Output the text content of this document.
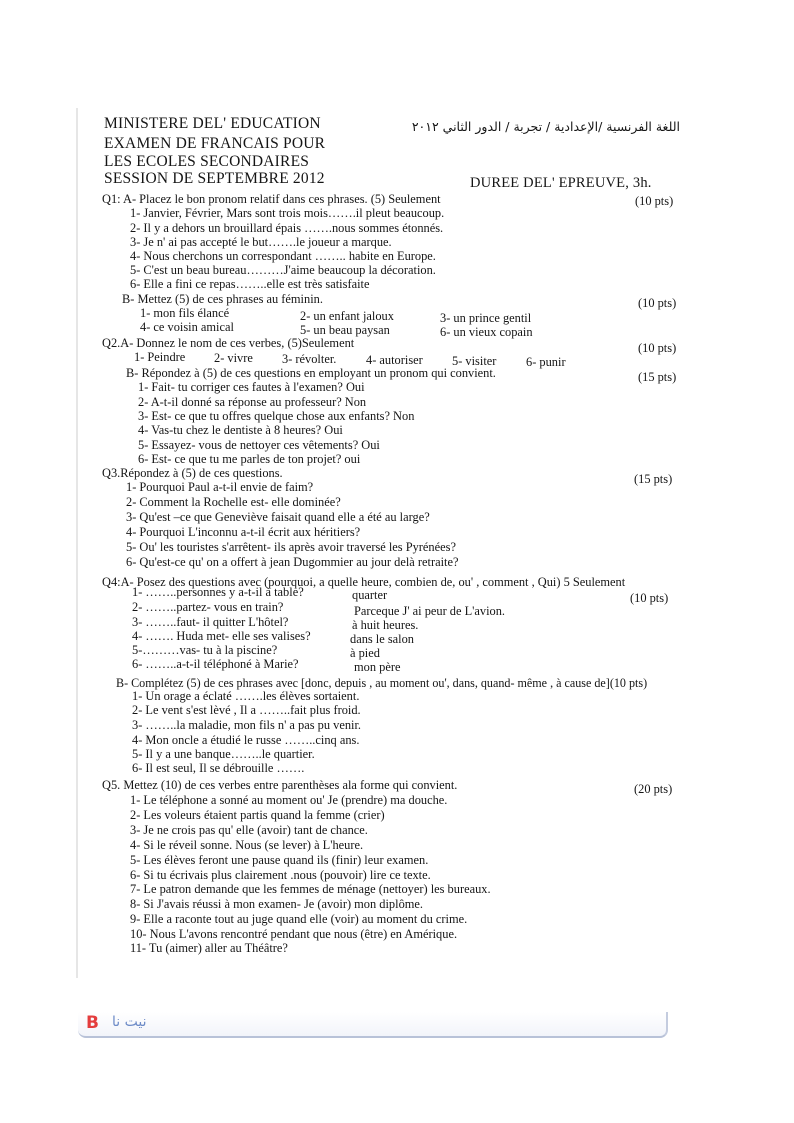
MINISTERE DEL' EDUCATION
EXAMEN DE FRANCAIS POUR
LES ECOLES SECONDAIRES
SESSION DE SEPTEMBRE 2012
اللغة الفرنسية /الإعدادية / تجربة / الدور الثاني ٢٠١٢
DUREE DEL' EPREUVE, 3h.
Q1: A- Placez le bon pronom relatif dans ces phrases. (5) Seulement	(10 pts)
1- Janvier, Février, Mars sont trois mois…….il pleut beaucoup.
2- Il y a dehors un brouillard épais …….nous sommes étonnés.
3- Je n' ai pas accepté le but…….le joueur a marque.
4- Nous cherchons un correspondant …….. habite en Europe.
5- C'est un beau bureau………J'aime beaucoup la décoration.
6- Elle a fini ce repas……..elle est très satisfaite
B- Mettez (5) de ces phrases au féminin.	(10 pts)
1- mon fils élancé	2- un enfant jaloux	3- un prince gentil
4- ce voisin amical	5- un beau paysan	6- un vieux copain
Q2.A- Donnez le nom de ces verbes, (5)Seulement	(10 pts)
1- Peindre 2- vivre 3- révolter. 4- autoriser 5- visiter 6- punir
B- Répondez à (5) de ces questions en employant un pronom qui convient.	(15 pts)
1- Fait- tu corriger ces fautes à l'examen? Oui
2- A-t-il donné sa réponse au professeur? Non
3- Est- ce que tu offres quelque chose aux enfants? Non
4- Vas-tu chez le dentiste à 8 heures? Oui
5- Essayez- vous de nettoyer ces vêtements? Oui
6- Est- ce que tu me parles de ton projet? oui
Q3.Répondez à (5) de ces questions.	(15 pts)
1- Pourquoi Paul a-t-il envie de faim?
2- Comment la Rochelle est- elle dominée?
3- Qu'est –ce que Geneviève faisait quand elle a été au large?
4- Pourquoi L'inconnu a-t-il écrit aux héritiers?
5- Ou' les touristes s'arrêtent- ils après avoir traversé les Pyrénées?
6- Qu'est-ce qu' on a offert à jean Dugommier au jour delà retraite?
Q4:A- Posez des questions avec (pourquoi, a quelle heure, combien de, ou' , comment , Qui) 5 Seulement
(10 pts)
1- ……..personnes y a-t-il à table?	quarter
2- ……..partez- vous en train?	Parceque J' ai peur de L'avion.
3- ……..faut- il quitter L'hôtel?	à huit heures.
4- ……. Huda met- elle ses valises?	dans le salon
5-………vas- tu à la piscine?	à pied
6- ……..a-t-il téléphoné à Marie?	mon père
B- Complétez (5) de ces phrases avec [donc, depuis , au moment ou', dans, quand- même , à cause de](10 pts)
1- Un orage a éclaté …….les élèves sortaient.
2- Le vent s'est lèvé , Il a ……..fait plus froid.
3- ……..la maladie, mon fils n' a pas pu venir.
4- Mon oncle a étudié le russe ……..cinq ans.
5- Il y a une banque……..le quartier.
6- Il est seul, Il se débrouille …….
Q5. Mettez (10) de ces verbes entre parenthèses ala forme qui convient.	(20 pts)
1- Le téléphone a sonné au moment ou' Je (prendre) ma douche.
2- Les voleurs étaient partis quand la femme (crier)
3- Je ne crois pas qu' elle (avoir) tant de chance.
4- Si le réveil sonne. Nous (se lever) à L'heure.
5- Les élèves feront une pause quand ils (finir) leur examen.
6- Si tu écrivais plus clairement .nous (pouvoir) lire ce texte.
7- Le patron demande que les femmes de ménage (nettoyer) les bureaux.
8- Si J'avais réussi à mon examen- Je (avoir) mon diplôme.
9- Elle a raconte tout au juge quand elle (voir) au moment du crime.
10- Nous L'avons rencontré pendant que nous (être) en Amérique.
11- Tu (aimer) aller au Théâtre?
B نيت نا
